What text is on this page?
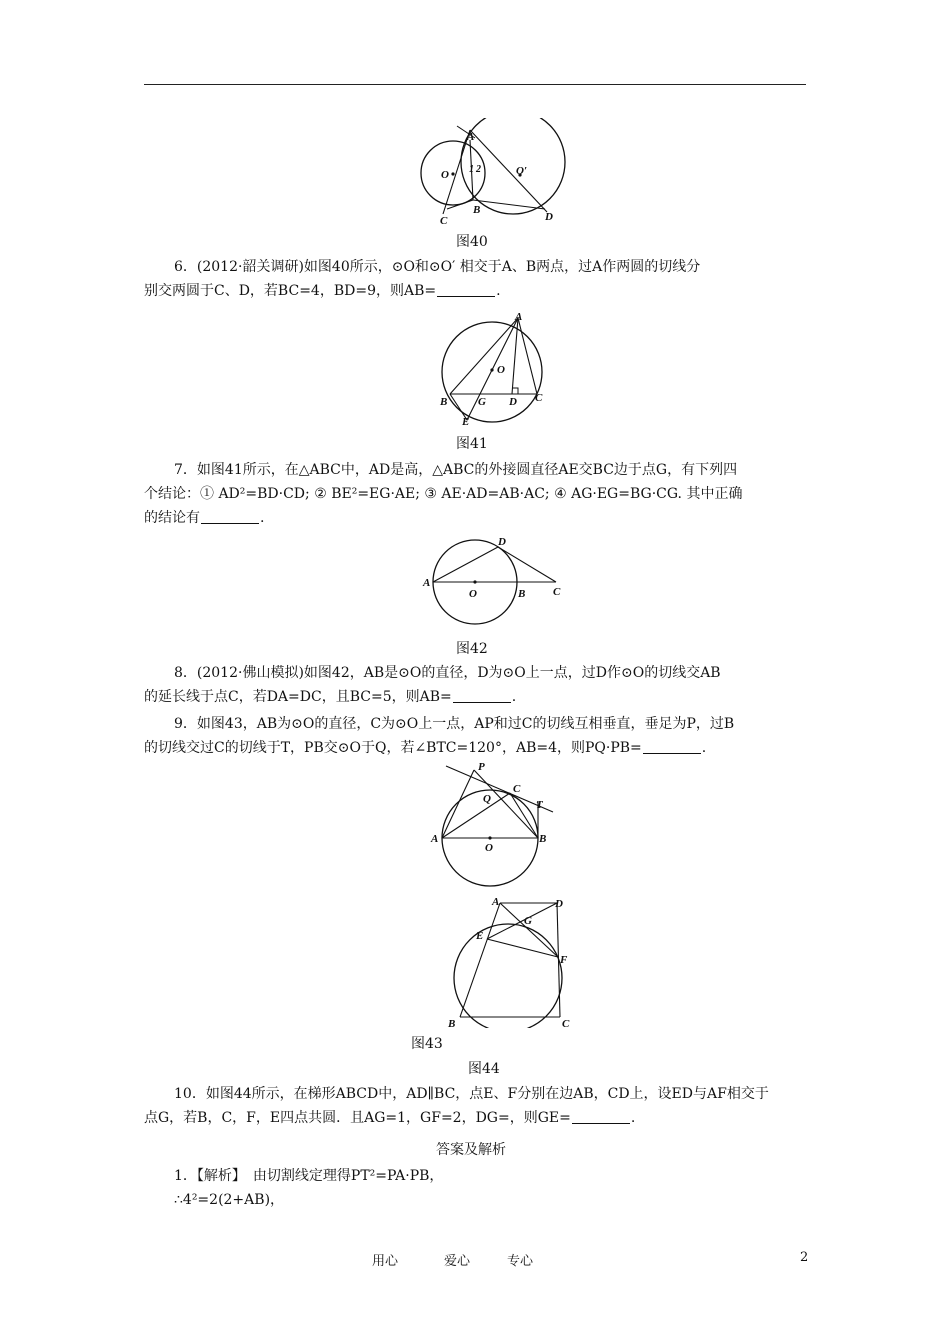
A
O	O′
1 2
B
C	D
图40

6．(2012·韶关调研)如图40所示，⊙O和⊙O′ 相交于A、B两点，过A作两圆的切线分

别交两圆于C、D，若BC=4，BD=9，则AB=	.

A
O
B	G D C
E
图41

7．如图41所示，在△ABC中，AD是高，△ABC的外接圆直径AE交BC边于点G，有下列四

个结论：① AD²=BD·CD; ② BE²=EG·AE; ③ AE·AD=AB·AC; ④ AG·EG=BG·CG. 其中正确

的结论有	.

A
O	B	C
D
图42

8．(2012·佛山模拟)如图42，AB是⊙O的直径，D为⊙O上一点，过D作⊙O的切线交AB

的延长线于点C，若DA=DC，且BC=5，则AB=	.

9．如图43，AB为⊙O的直径，C为⊙O上一点，AP和过C的切线互相垂直，垂足为P，过B

的切线交过C的切线于T，PB交⊙O于Q，若∠BTC=120°，AB=4，则PQ·PB=	.

P
Q
C
T
A
O
B
A	D
G
E
F
B	C
图43
图44

10．如图44所示，在梯形ABCD中，AD∥BC，点E、F分别在边AB，CD上，设ED与AF相交于

点G，若B，C，F，E四点共圆．且AG=1，GF=2，DG=，则GE=	.

答案及解析

1．【解析】　由切割线定理得PT²=PA·PB，

∴4²=2(2+AB)，

用心	爱心	专心	2
